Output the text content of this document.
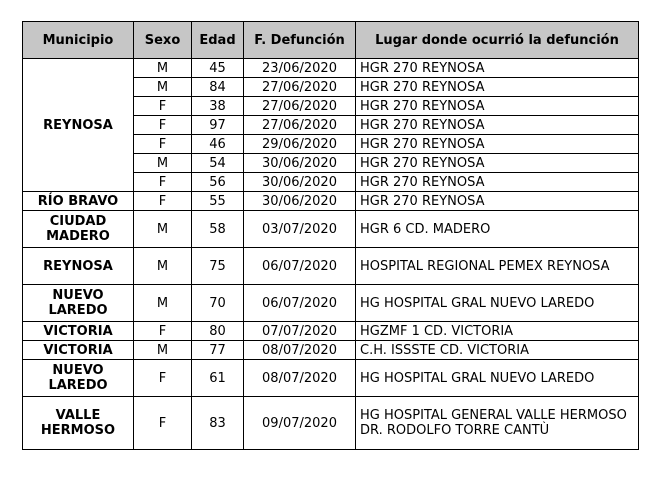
Municipio	Sexo	Edad	F. Defunción	Lugar donde ocurrió la defunción
REYNOSA	M	45	23/06/2020	HGR 270 REYNOSA
	M	84	27/06/2020	HGR 270 REYNOSA
	F	38	27/06/2020	HGR 270 REYNOSA
	F	97	27/06/2020	HGR 270 REYNOSA
	F	46	29/06/2020	HGR 270 REYNOSA
	M	54	30/06/2020	HGR 270 REYNOSA
	F	56	30/06/2020	HGR 270 REYNOSA
RÍO BRAVO	F	55	30/06/2020	HGR 270 REYNOSA
CIUDAD MADERO	M	58	03/07/2020	HGR 6 CD. MADERO
REYNOSA	M	75	06/07/2020	HOSPITAL REGIONAL PEMEX REYNOSA
NUEVO LAREDO	M	70	06/07/2020	HG HOSPITAL GRAL NUEVO LAREDO
VICTORIA	F	80	07/07/2020	HGZMF 1 CD. VICTORIA
VICTORIA	M	77	08/07/2020	C.H. ISSSTE CD. VICTORIA
NUEVO LAREDO	F	61	08/07/2020	HG HOSPITAL GRAL NUEVO LAREDO
VALLE HERMOSO	F	83	09/07/2020	HG HOSPITAL GENERAL VALLE HERMOSO DR. RODOLFO TORRE CANTÙ
